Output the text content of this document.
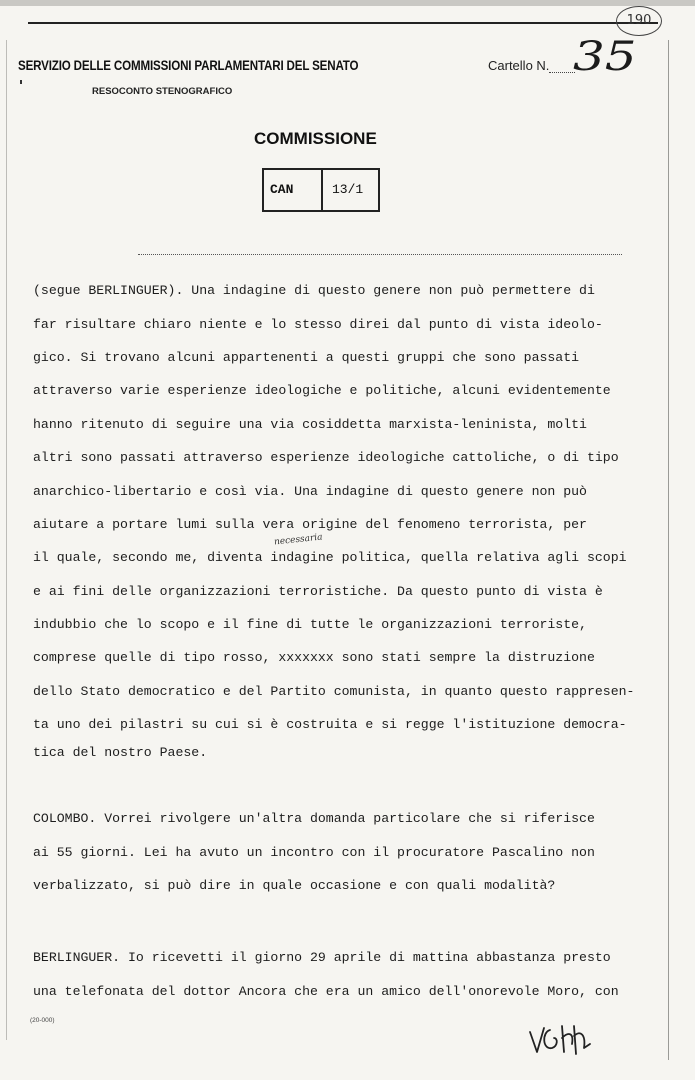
190
SERVIZIO DELLE COMMISSIONI PARLAMENTARI DEL SENATO
RESOCONTO STENOGRAFICO
Cartello N. 35
COMMISSIONE
CAN	13/1
(segue BERLINGUER). Una indagine di questo genere non può permettere di
far risultare chiaro niente e lo stesso direi dal punto di vista ideolo-
gico. Si trovano alcuni appartenenti a questi gruppi che sono passati
attraverso varie esperienze ideologiche e politiche, alcuni evidentemente
hanno ritenuto di seguire una via cosiddetta marxista-leninista, molti
altri sono passati attraverso esperienze ideologiche cattoliche, o di tipo
anarchico-libertario e così via. Una indagine di questo genere non può
aiutare a portare lumi sulla vera origine del fenomeno terrorista, per
il quale, secondo me, diventa indagine politica, quella relativa agli scopi
e ai fini delle organizzazioni terroristiche. Da questo punto di vista è
indubbio che lo scopo e il fine di tutte le organizzazioni terroriste,
comprese quelle di tipo rosso, xxxxxxx sono stati sempre la distruzione
dello Stato democratico e del Partito comunista, in quanto questo rappresen-
ta uno dei pilastri su cui si è costruita e si regge l'istituzione democra-
tica del nostro Paese.
COLOMBO. Vorrei rivolgere un'altra domanda particolare che si riferisce
ai 55 giorni. Lei ha avuto un incontro con il procuratore Pascalino non
verbalizzato, si può dire in quale occasione e con quali modalità?
BERLINGUER. Io ricevetti il giorno 29 aprile di mattina abbastanza presto
una telefonata del dottor Ancora che era un amico dell'onorevole Moro, con
necessaria
(20-000)
